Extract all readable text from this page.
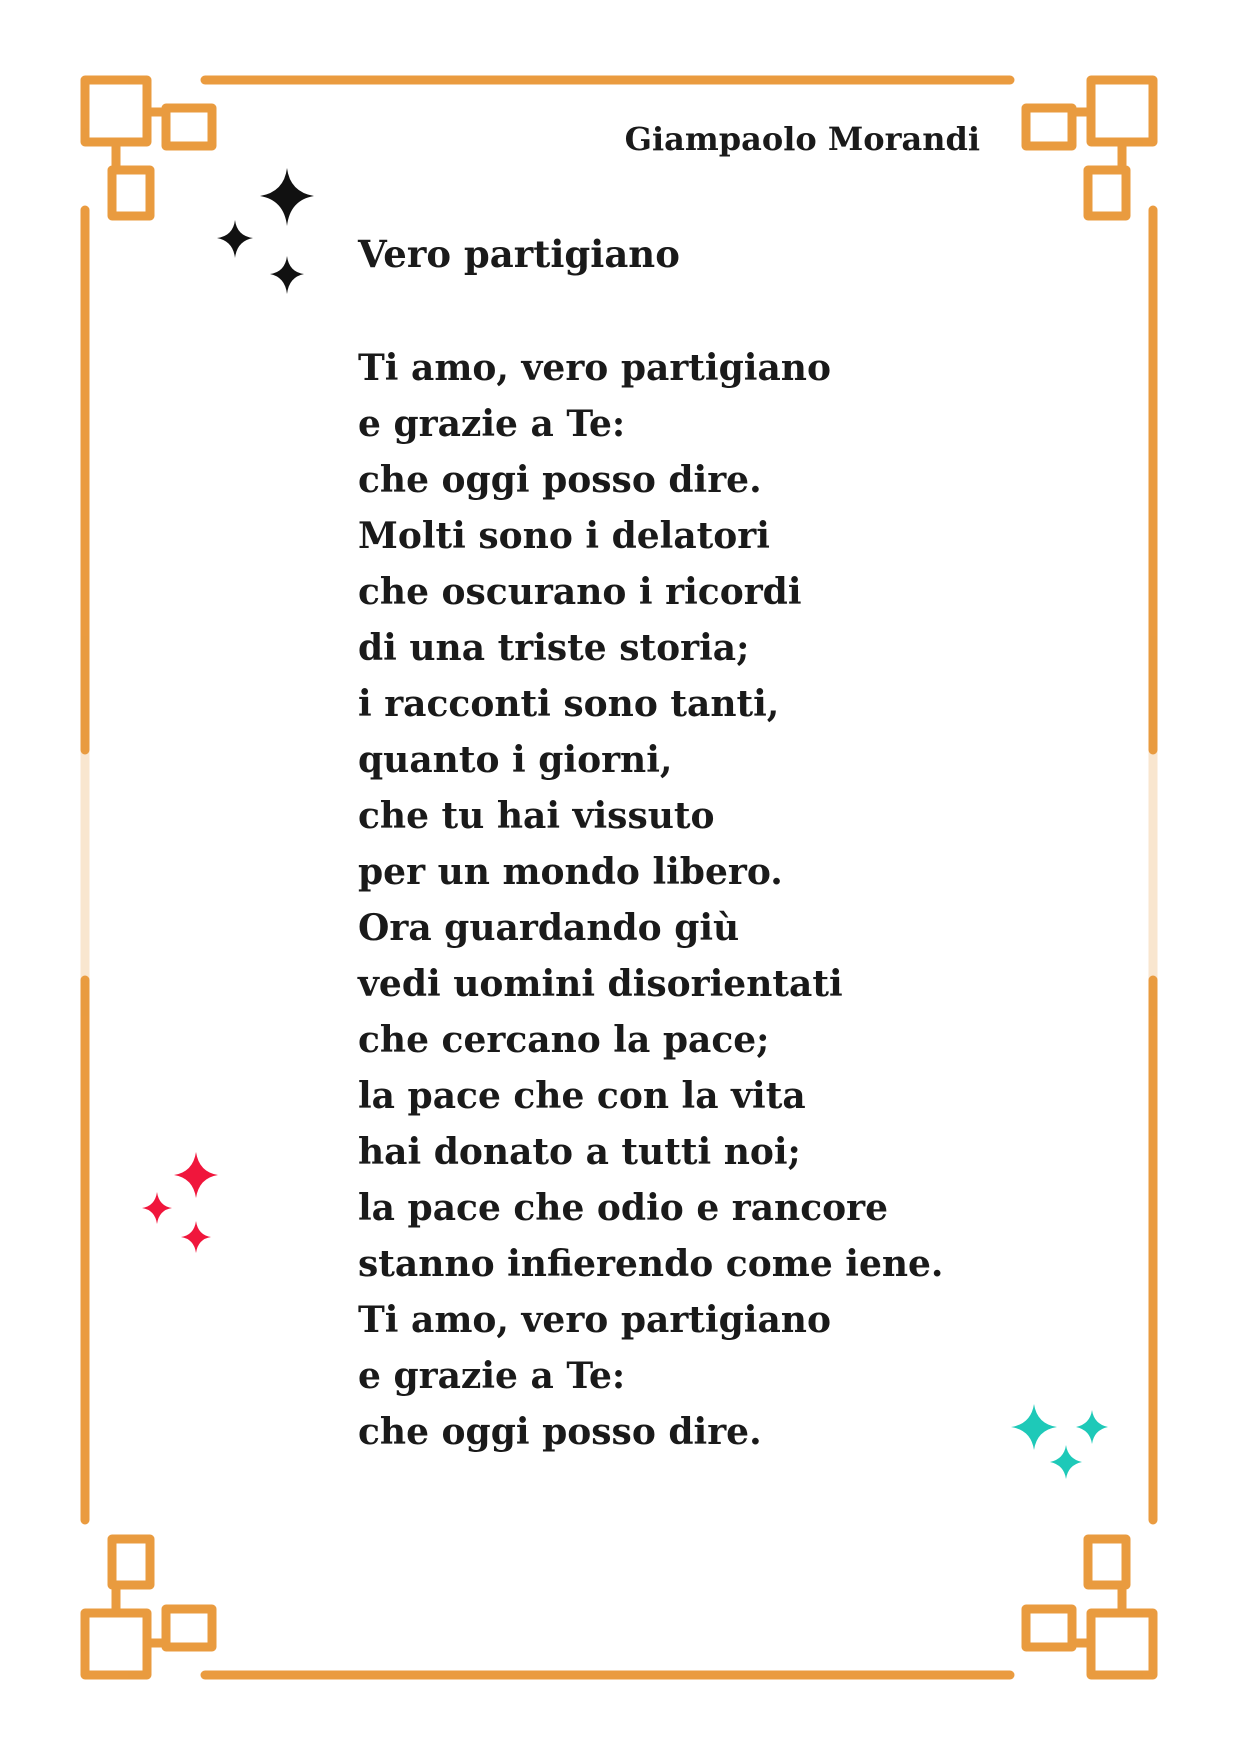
Giampaolo Morandi
Vero partigiano
Ti amo, vero partigiano
e grazie a Te:
che oggi posso dire.
Molti sono i delatori
che oscurano i ricordi
di una triste storia;
i racconti sono tanti,
quanto i giorni,
che tu hai vissuto
per un mondo libero.
Ora guardando giù
vedi uomini disorientati
che cercano la pace;
la pace che con la vita
hai donato a tutti noi;
la pace che odio e rancore
stanno infierendo come iene.
Ti amo, vero partigiano
e grazie a Te:
che oggi posso dire.
